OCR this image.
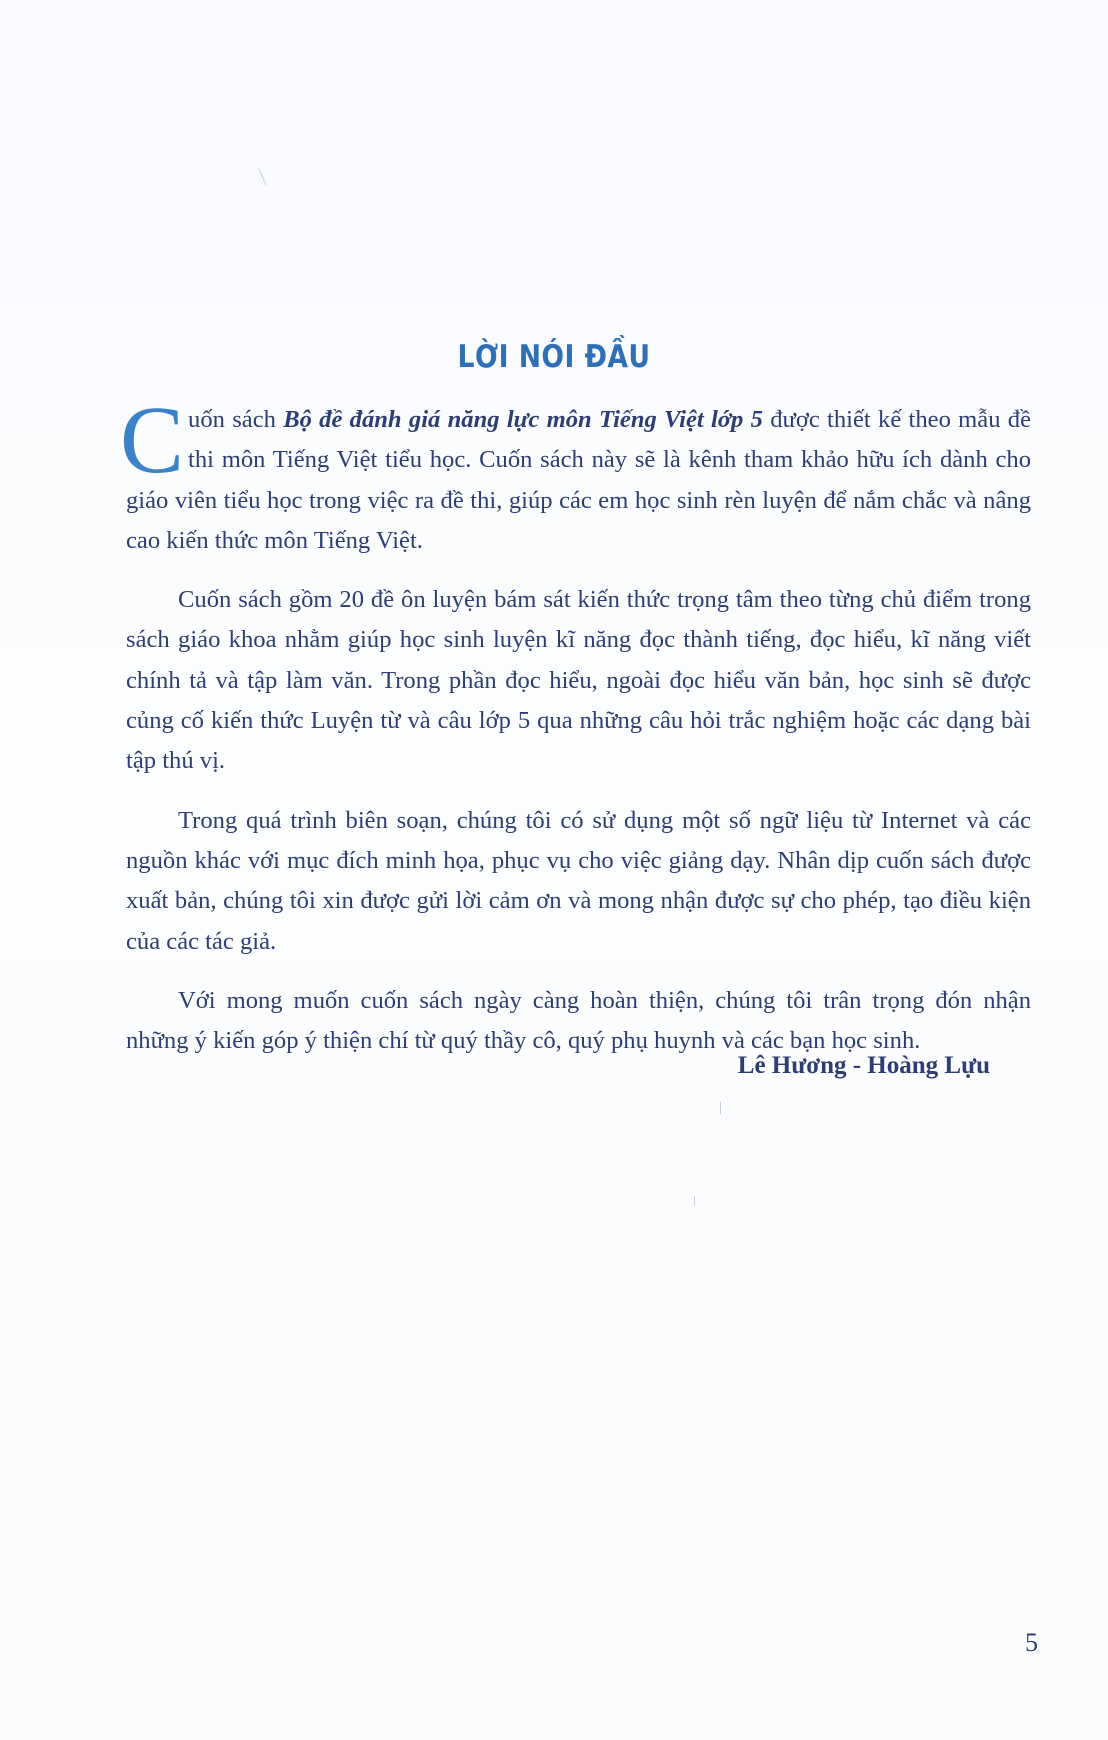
LỜI NÓI ĐẦU

Cuốn sách Bộ đề đánh giá năng lực môn Tiếng Việt lớp 5 được thiết kế theo mẫu đề thi môn Tiếng Việt tiểu học. Cuốn sách này sẽ là kênh tham khảo hữu ích dành cho giáo viên tiểu học trong việc ra đề thi, giúp các em học sinh rèn luyện để nắm chắc và nâng cao kiến thức môn Tiếng Việt.

Cuốn sách gồm 20 đề ôn luyện bám sát kiến thức trọng tâm theo từng chủ điểm trong sách giáo khoa nhằm giúp học sinh luyện kĩ năng đọc thành tiếng, đọc hiểu, kĩ năng viết chính tả và tập làm văn. Trong phần đọc hiểu, ngoài đọc hiểu văn bản, học sinh sẽ được củng cố kiến thức Luyện từ và câu lớp 5 qua những câu hỏi trắc nghiệm hoặc các dạng bài tập thú vị.

Trong quá trình biên soạn, chúng tôi có sử dụng một số ngữ liệu từ Internet và các nguồn khác với mục đích minh họa, phục vụ cho việc giảng dạy. Nhân dịp cuốn sách được xuất bản, chúng tôi xin được gửi lời cảm ơn và mong nhận được sự cho phép, tạo điều kiện của các tác giả.

Với mong muốn cuốn sách ngày càng hoàn thiện, chúng tôi trân trọng đón nhận những ý kiến góp ý thiện chí từ quý thầy cô, quý phụ huynh và các bạn học sinh.

Lê Hương - Hoàng Lựu
5
